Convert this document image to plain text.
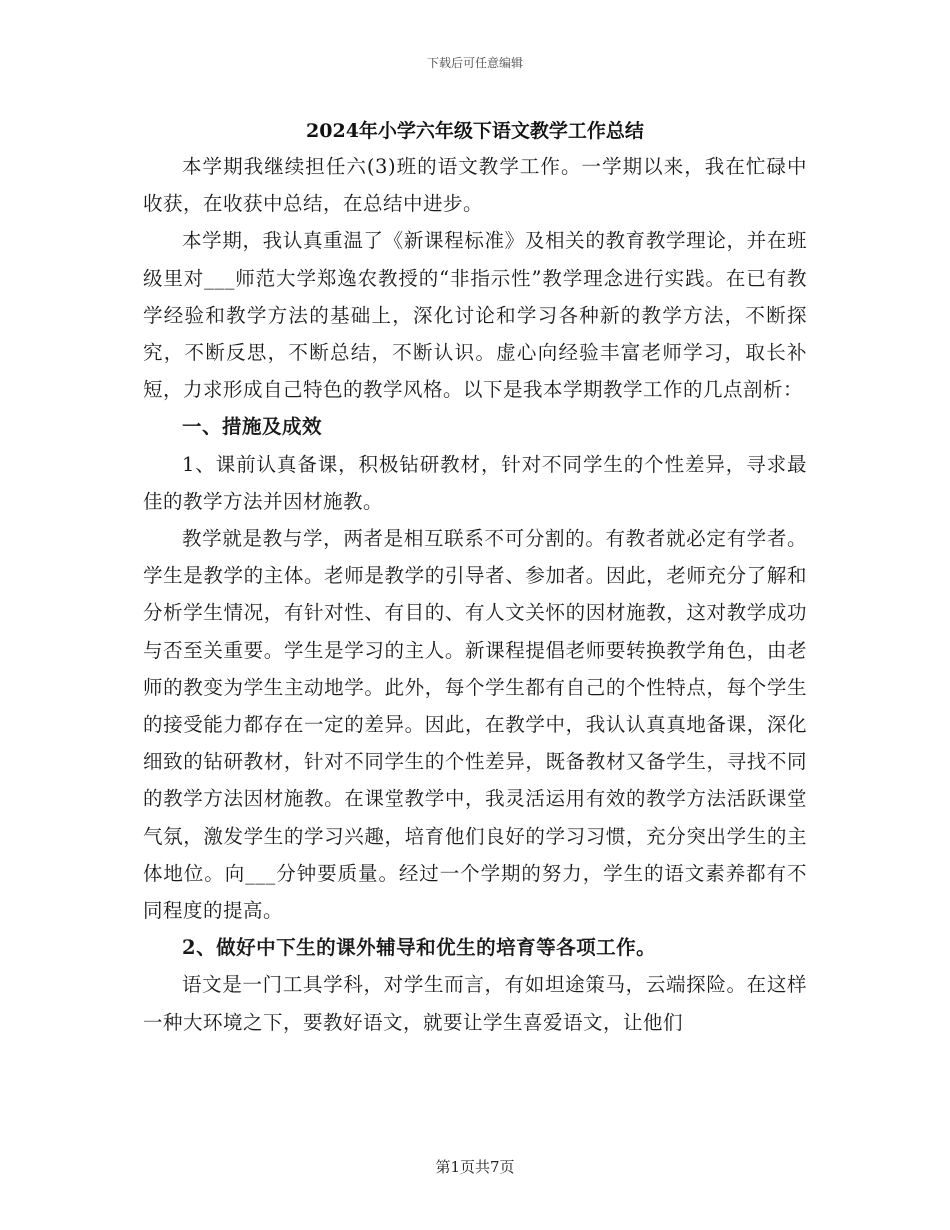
下载后可任意编辑
2024年小学六年级下语文教学工作总结

本学期我继续担任六(3)班的语文教学工作。一学期以来，我在忙碌中收获，在收获中总结，在总结中进步。

本学期，我认真重温了《新课程标准》及相关的教育教学理论，并在班级里对___师范大学郑逸农教授的“非指示性”教学理念进行实践。在已有教学经验和教学方法的基础上，深化讨论和学习各种新的教学方法，不断探究，不断反思，不断总结，不断认识。虚心向经验丰富老师学习，取长补短，力求形成自己特色的教学风格。以下是我本学期教学工作的几点剖析：

一、措施及成效

1、课前认真备课，积极钻研教材，针对不同学生的个性差异，寻求最佳的教学方法并因材施教。

教学就是教与学，两者是相互联系不可分割的。有教者就必定有学者。学生是教学的主体。老师是教学的引导者、参加者。因此，老师充分了解和分析学生情况，有针对性、有目的、有人文关怀的因材施教，这对教学成功与否至关重要。学生是学习的主人。新课程提倡老师要转换教学角色，由老师的教变为学生主动地学。此外，每个学生都有自己的个性特点，每个学生的接受能力都存在一定的差异。因此，在教学中，我认认真真地备课，深化细致的钻研教材，针对不同学生的个性差异，既备教材又备学生，寻找不同的教学方法因材施教。在课堂教学中，我灵活运用有效的教学方法活跃课堂气氛，激发学生的学习兴趣，培育他们良好的学习习惯，充分突出学生的主体地位。向___分钟要质量。经过一个学期的努力，学生的语文素养都有不同程度的提高。

2、做好中下生的课外辅导和优生的培育等各项工作。

语文是一门工具学科，对学生而言，有如坦途策马，云端探险。在这样一种大环境之下，要教好语文，就要让学生喜爱语文，让他们

第1页共7页
